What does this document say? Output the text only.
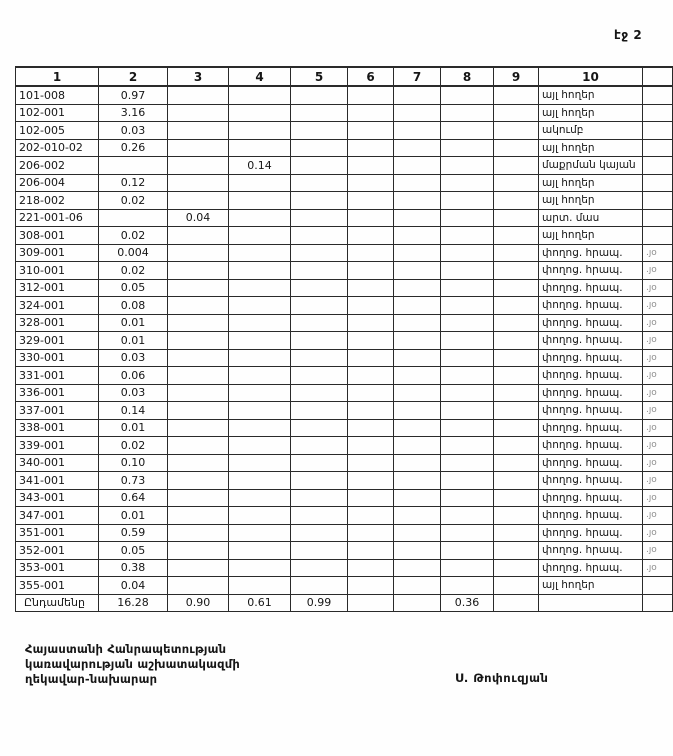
էջ 2
1	2	3	4	5	6	7	8	9	10	
101-008	0.97								այլ հողեր	
102-001	3.16								այլ հողեր	
102-005	0.03								ակումբ	
202-010-02	0.26								այլ հողեր	
206-002			0.14						մաքրման կայան	
206-004	0.12								այլ հողեր	
218-002	0.02								այլ հողեր	
221-001-06		0.04							արտ. մաս	
308-001	0.02								այլ հողեր	
309-001	0.004								փողոց. հրապ.	.յօ
310-001	0.02								փողոց. հրապ.	.յօ
312-001	0.05								փողոց. հրապ.	.յօ
324-001	0.08								փողոց. հրապ.	.յօ
328-001	0.01								փողոց. հրապ.	.յօ
329-001	0.01								փողոց. հրապ.	.յօ
330-001	0.03								փողոց. հրապ.	.յօ
331-001	0.06								փողոց. հրապ.	.յօ
336-001	0.03								փողոց. հրապ.	.յօ
337-001	0.14								փողոց. հրապ.	.յօ
338-001	0.01								փողոց. հրապ.	.յօ
339-001	0.02								փողոց. հրապ.	.յօ
340-001	0.10								փողոց. հրապ.	.յօ
341-001	0.73								փողոց. հրապ.	.յօ
343-001	0.64								փողոց. հրապ.	.յօ
347-001	0.01								փողոց. հրապ.	.յօ
351-001	0.59								փողոց. հրապ.	.յօ
352-001	0.05								փողոց. հրապ.	.յօ
353-001	0.38								փողոց. հրապ.	.յօ
355-001	0.04								այլ հողեր	
Ընդամենը	16.28	0.90	0.61	0.99			0.36			
Հայաստանի Հանրապետության
կառավարության աշխատակազմի
ղեկավար-նախարար	Ս. Թոփուզյան
